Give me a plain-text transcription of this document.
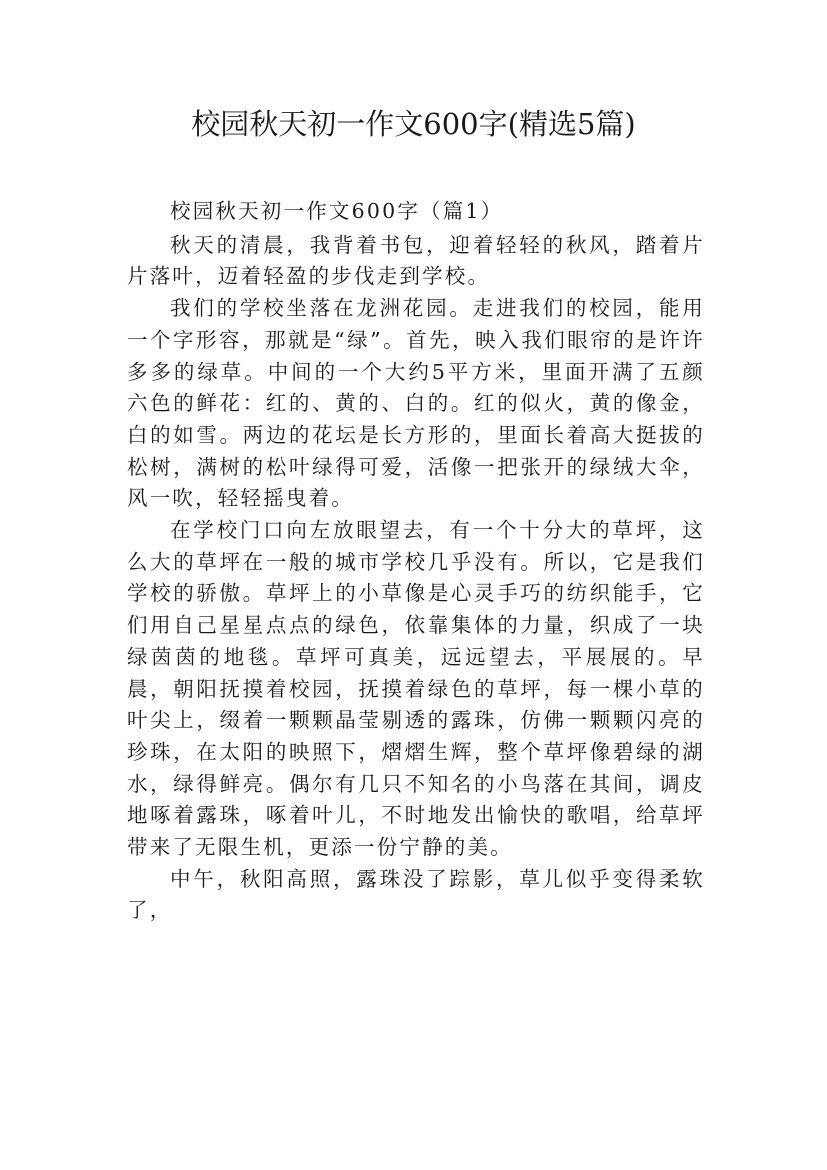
校园秋天初一作文600字(精选5篇)

校园秋天初一作文600字（篇1）

秋天的清晨，我背着书包，迎着轻轻的秋风，踏着片片落叶，迈着轻盈的步伐走到学校。

我们的学校坐落在龙洲花园。走进我们的校园，能用一个字形容，那就是“绿”。首先，映入我们眼帘的是许许多多的绿草。中间的一个大约5平方米，里面开满了五颜六色的鲜花：红的、黄的、白的。红的似火，黄的像金，白的如雪。两边的花坛是长方形的，里面长着高大挺拔的松树，满树的松叶绿得可爱，活像一把张开的绿绒大伞，风一吹，轻轻摇曳着。

在学校门口向左放眼望去，有一个十分大的草坪，这么大的草坪在一般的城市学校几乎没有。所以，它是我们学校的骄傲。草坪上的小草像是心灵手巧的纺织能手，它们用自己星星点点的绿色，依靠集体的力量，织成了一块绿茵茵的地毯。草坪可真美，远远望去，平展展的。早晨，朝阳抚摸着校园，抚摸着绿色的草坪，每一棵小草的叶尖上，缀着一颗颗晶莹剔透的露珠，仿佛一颗颗闪亮的珍珠，在太阳的映照下，熠熠生辉，整个草坪像碧绿的湖水，绿得鲜亮。偶尔有几只不知名的小鸟落在其间，调皮地啄着露珠，啄着叶儿，不时地发出愉快的歌唱，给草坪带来了无限生机，更添一份宁静的美。

中午，秋阳高照，露珠没了踪影，草儿似乎变得柔软了，
